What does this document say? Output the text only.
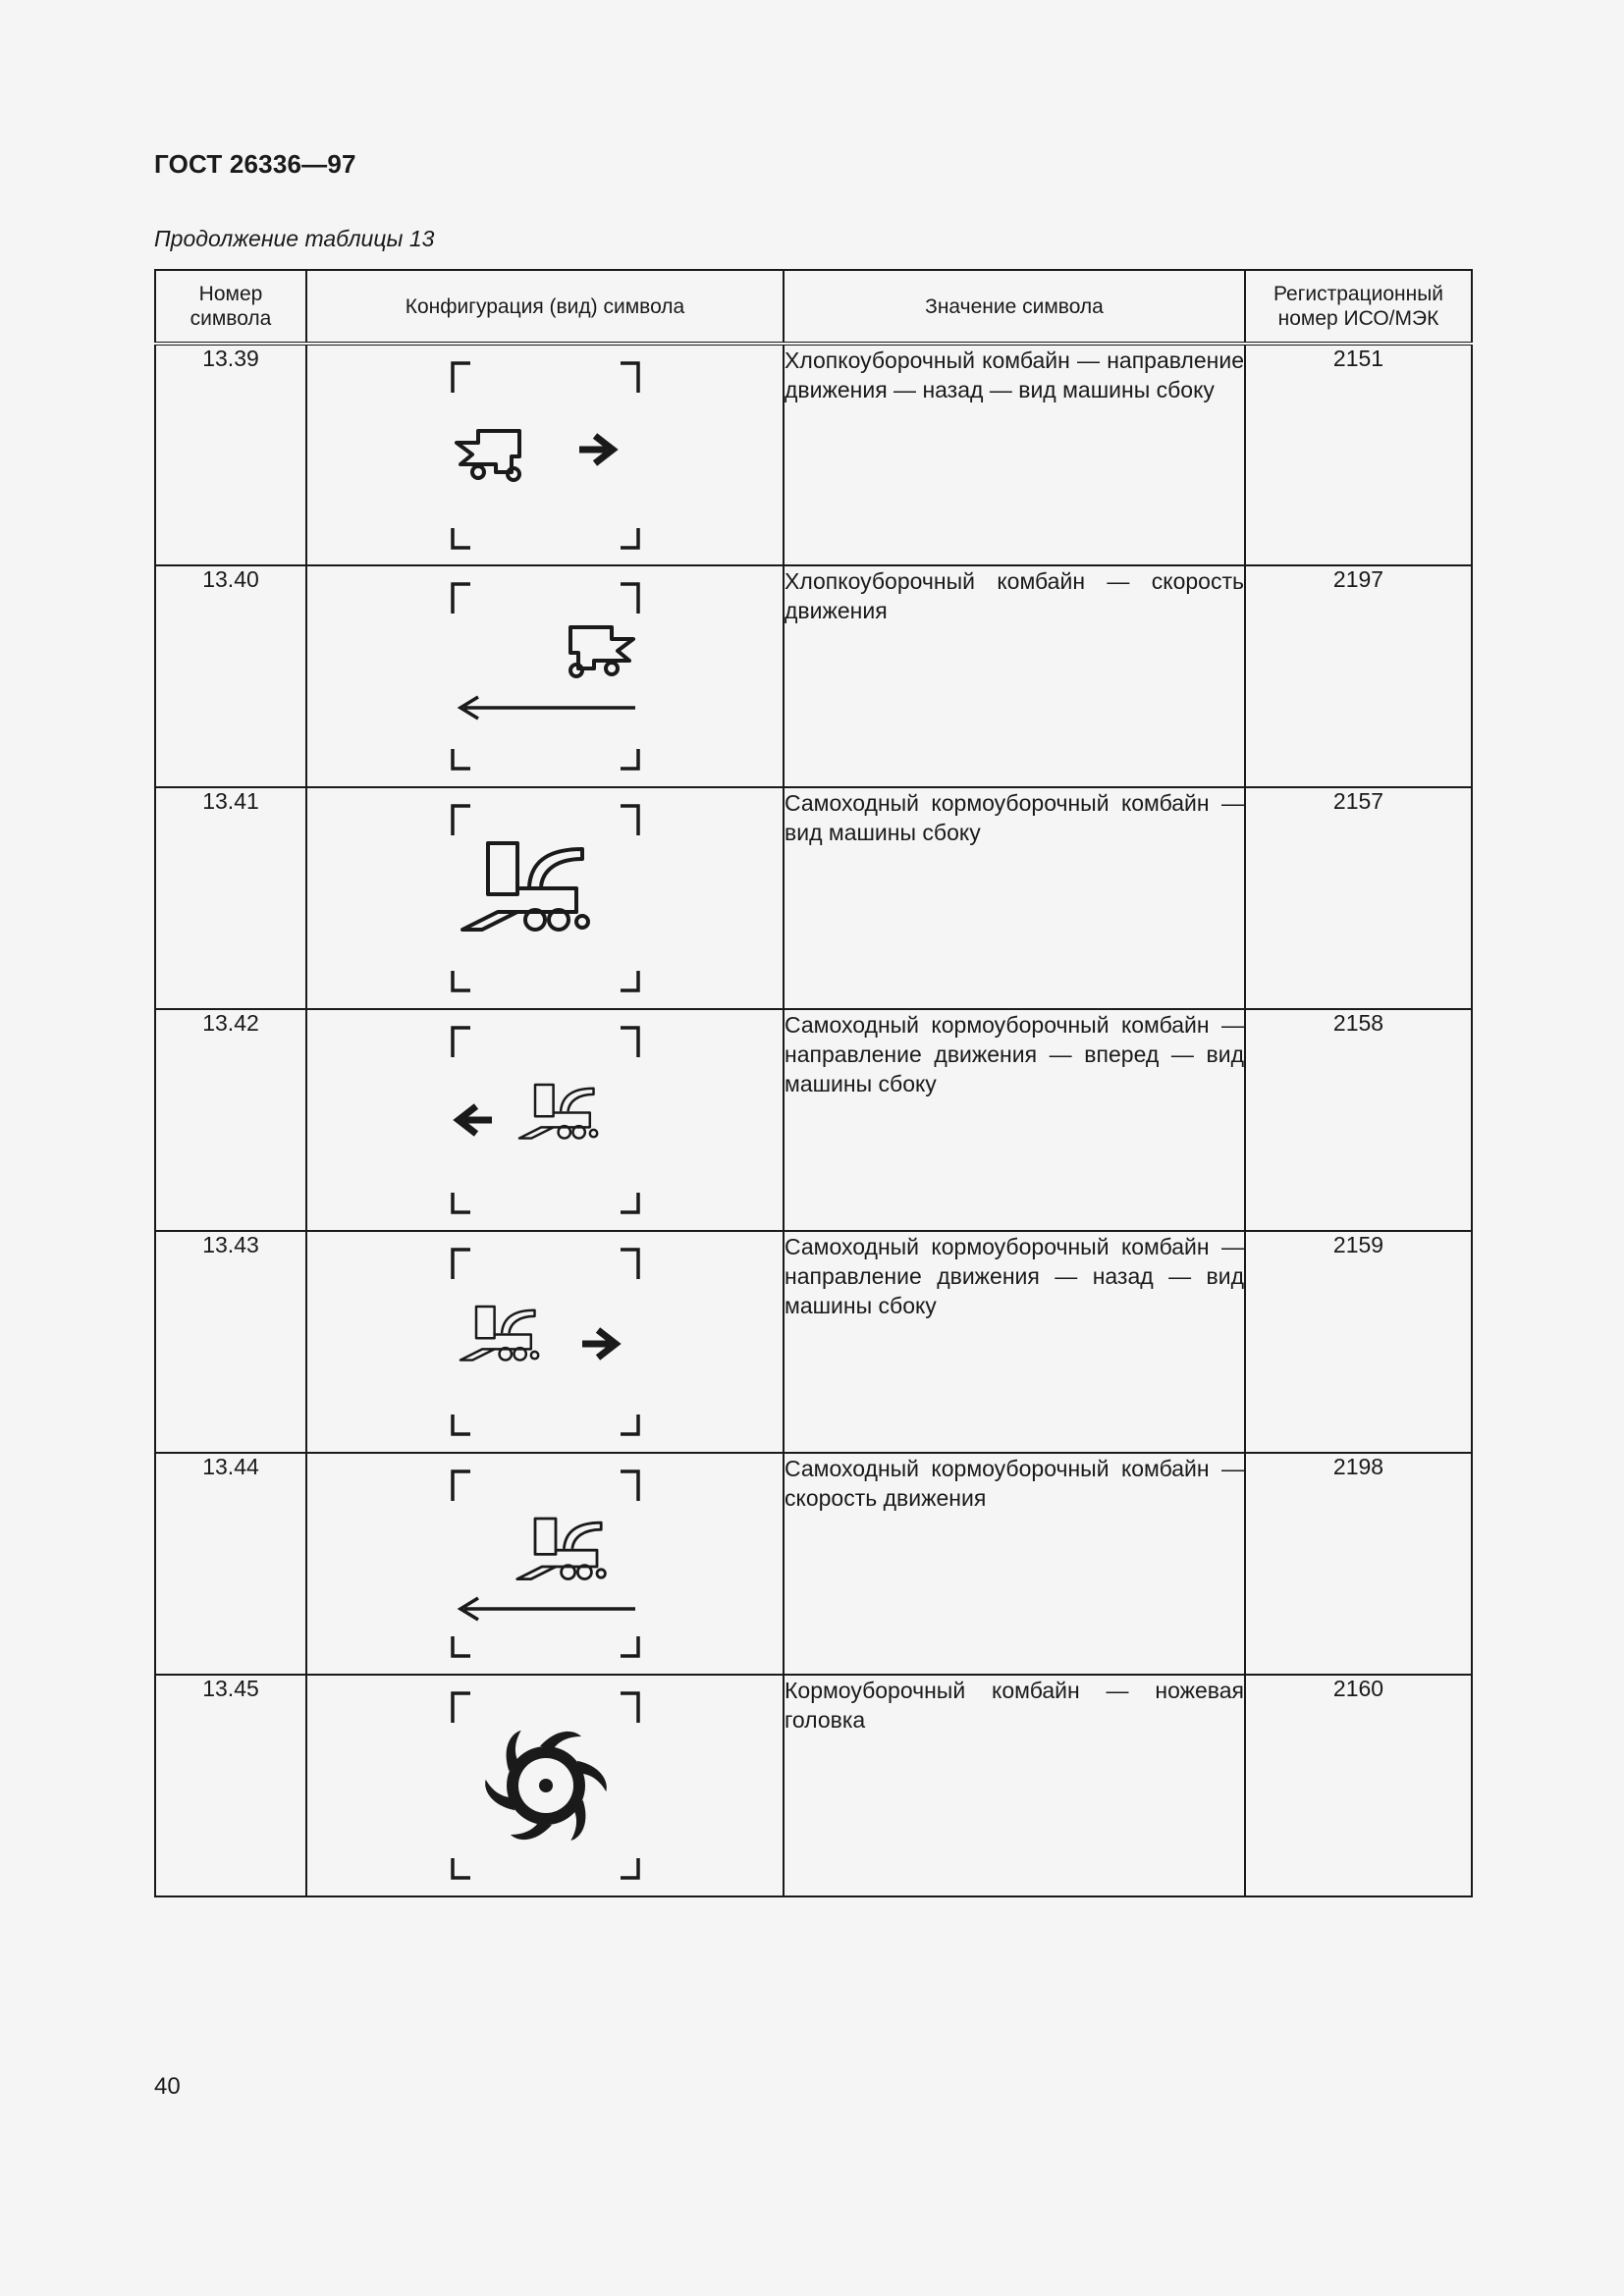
ГОСТ 26336—97
Продолжение таблицы 13
Номер
символа	Конфигурация (вид) символа	Значение символа	Регистрационный
номер ИСО/МЭК
13.39		Хлопкоуборочный комбайн — направление движения — назад — вид машины сбоку	2151
13.40		Хлопкоуборочный комбайн — скорость движения	2197
13.41		Самоходный кормоуборочный комбайн — вид машины сбоку	2157
13.42		Самоходный кормоуборочный комбайн — направление движения — вперед — вид машины сбоку	2158
13.43		Самоходный кормоуборочный комбайн — направление движения — назад — вид машины сбоку	2159
13.44		Самоходный кормоуборочный комбайн — скорость движения	2198
13.45		Кормоуборочный комбайн — ножевая головка	2160
40
